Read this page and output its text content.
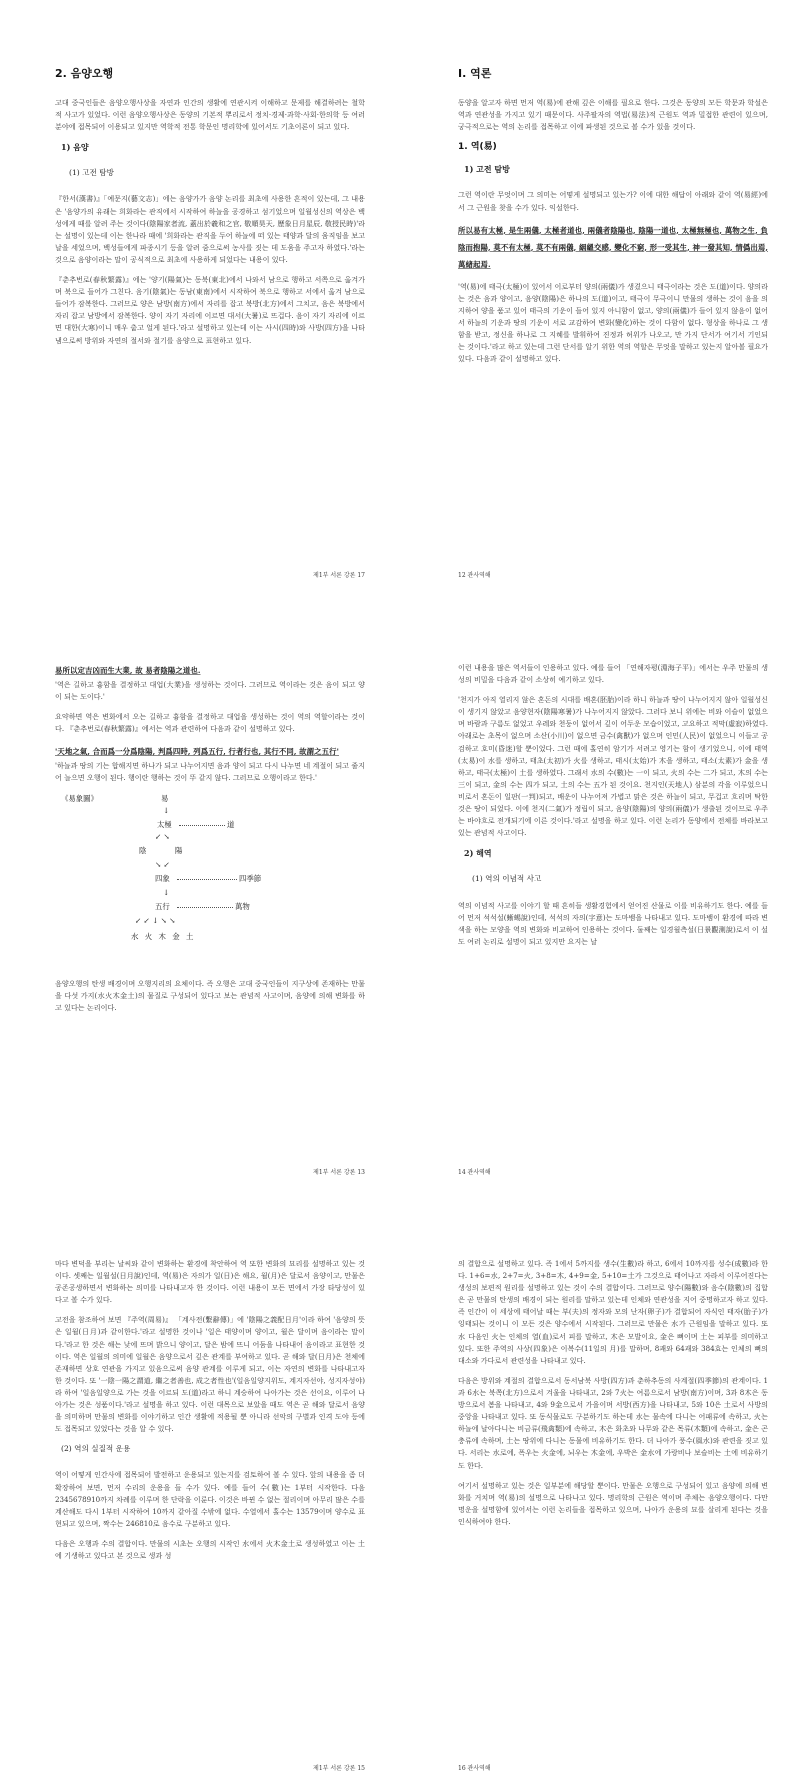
2. 음양오행

고대 중국인들은 음양오행사상을 자연과 인간의 생활에 연관시켜 이해하고 문제를 해결하려는 철학적 사고가 있었다. 이런 음양오행사상은 동양의 기본적 뿌리로서 정치·경제·과학·사회·한의학 등 여러 분야에 접목되어 이용되고 있지만 역학적 전통 학문인 명리학에 있어서도 기초이론이 되고 있다.

1) 음양
(1) 고전 탐방

『한서(漢書)』「예문지(藝文志)」에는 음양가가 음양 논리를 최초에 사용한 흔적이 있는데, 그 내용은 '음양가의 유래는 희화라는 관직에서 시작하여 하늘을 공경하고 섬기었으며 일월성신의 역상은 백성에게 때를 알려 주는 것이다(陰陽家者流, 蓋出於羲和之官, 敬順昊天, 歷象日月星辰, 敬授民時)'라는 설명이 있는데 이는 한나라 때에 '희화라는 관직을 두어 하늘에 떠 있는 태양과 달의 움직임을 보고 날을 세었으며, 백성들에게 파종시기 등을 알려 줌으로써 농사를 짓는 데 도움을 주고자 하였다.'라는 것으로 음양이라는 말이 공식적으로 최초에 사용하게 되었다는 내용이 있다.

『춘추번로(春秋繁露)』에는 '양기(陽氣)는 동북(東北)에서 나와서 남으로 행하고 서쪽으로 옮겨가며 북으로 들어가 그친다. 음기(陰氣)는 동남(東南)에서 시작하여 북으로 행하고 서에서 옮겨 남으로 들어가 잠복한다. 그러므로 양은 남방(南方)에서 자리를 잡고 북방(北方)에서 그치고, 음은 북방에서 자리 잡고 남방에서 잠복한다. 양이 자기 자리에 이르면 대서(大暑)로 뜨겁다. 음이 자기 자리에 이르면 대한(大寒)이니 매우 춥고 얼게 된다.'라고 설명하고 있는데 이는 사시(四時)와 사방(四方)을 나타냄으로써 방위와 자연의 절서와 절기를 음양으로 표현하고 있다.

제1부 서론 강론 17
I. 역론

동양을 알고자 하면 먼저 역(易)에 관해 깊은 이해를 필요로 한다. 그것은 동양의 모든 학문과 학설은 역과 연관성을 가지고 있기 때문이다. 사주팔자의 역법(易法)적 근원도 역과 밀접한 관련이 있으며, 궁극적으로는 역의 논리를 접목하고 이에 파생된 것으로 볼 수가 있을 것이다.

1. 역(易)
1) 고전 탐방

그런 역이란 무엇이며 그 의미는 어떻게 설명되고 있는가? 이에 대한 해답이 아래와 같이 역(易經)에서 그 근원을 찾을 수가 있다. 익설한다.

所以易有太極, 是生兩儀, 太極者道也, 兩儀者陰陽也, 陰陽一道也, 太極無極也, 萬物之生, 負陰而抱陽, 莫不有太極, 莫不有兩儀, 絪縕交感, 變化不窮, 形一受其生, 神一發其知, 情僞出焉, 萬緖起焉.

'역(易)에 태극(太極)이 있어서 이로부터 양의(兩儀)가 생겼으니 태극이라는 것은 도(道)이다. 양의라는 것은 음과 양이고, 음양(陰陽)은 하나의 도(道)이고, 태극이 무극이니 만물의 생하는 것이 음을 의지하여 양을 품고 있어 태극의 기운이 들어 있지 아니함이 없고, 양의(兩儀)가 들어 있지 않음이 없어서 하늘의 기운과 땅의 기운이 서로 교감하여 변화(變化)하는 것이 다함이 없다. 형상을 하나로 그 생함을 받고, 정신을 하나로 그 지혜를 발휘하여 진정과 허위가 나오고, 만 가지 단서가 여기서 기인되는 것이다.'라고 하고 있는데 그런 단서를 알기 위한 역의 역할은 무엇을 말하고 있는지 알아볼 필요가 있다. 다음과 같이 설명하고 있다.

12 관사역해

易所以定吉凶而生大業, 故 易者陰陽之道也.

'역은 길하고 흉함을 결정하고 대업(大業)을 생성하는 것이다. 그러므로 역이라는 것은 음이 되고 양이 되는 도이다.'

요약하면 역은 변화에서 오는 길하고 흉함을 결정하고 대업을 생성하는 것이 역의 역할이라는 것이다. 『춘추번로(春秋繁露)』에서는 역과 관련하여 다음과 같이 설명하고 있다.

'天地之氣, 合而爲一分爲陰陽, 判爲四時, 列爲五行, 行者行也, 其行不同, 故謂之五行'

'하늘과 땅의 기는 합해지면 하나가 되고 나누어지면 음과 양이 되고 다시 나누면 네 계절이 되고 줄지어 늘으면 오행이 된다. 행이란 행하는 것이 뚜 같지 않다. 그러므로 오행이라고 한다.'

《易象圖》	易
↓
太極	道
↙ ↘
陰	陽
↘ ↙
四象	四季節
↓
五行	萬物
↙ ↙ ↓ ↘ ↘
水 火 木 金 土

음양오행의 탄생 배경이며 오행지리의 요체이다. 즉 오행은 고대 중국인들이 지구상에 존재하는 만물을 다섯 가지(水火木金土)의 물질로 구성되어 있다고 보는 관념적 사고이며, 음양에 의해 변화를 하고 있다는 논리이다.

제1부 서론 강론 13

이런 내용을 많은 역서들이 인용하고 있다. 예를 들어 「연해자평(淵海子平)」에서는 우주 만물의 생성의 비밀을 다음과 같이 소상히 예기하고 있다.

'천지가 아직 열리지 않은 혼돈의 시대를 배혼(胚胎)이라 하니 하늘과 땅이 나누어지지 않아 일월성신이 생기지 않았고 음양현자(陰陽寒暑)가 나누어지지 않았다. 그러다 보니 위에는 비와 이슬이 없었으며 바람과 구름도 없었고 우레와 천둥이 없어서 깊이 어두운 모습이었고, 고요하고 적막(虛寂)하였다. 아래로는 초목이 없으며 소산(小川)이 없으면 금수(禽獸)가 없으며 인민(人民)이 없었으니 이들고 공검하고 호미(昏迷)할 뿐이었다. 그런 때에 홀연히 암기가 서려고 영기는 함이 생기었으니, 이에 태역(太易)이 水를 생하고, 태초(太初)가 火를 생하고, 태시(太始)가 木을 생하고, 태소(太素)가 金을 생하고, 태극(太極)이 土를 생하였다. 그래서 水의 수(數)는 一이 되고, 火의 수는 二가 되고, 木의 수는 三이 되고, 金의 수는 四가 되고, 土의 수는 五가 된 것이요. 천지인(天地人) 삼분의 각을 이루었으니 비로서 혼돈이 일판(一判)되고, 배운이 나누어져 가볍고 맑은 것은 하늘이 되고, 무겁고 흐리며 탁한 것은 땅이 되었다. 이에 천지(二氣)가 정립이 되고, 음양(陰陽)의 양의(兩儀)가 생출된 것이므로 우주는 바야흐로 전개되기에 이른 것이다.'라고 설명을 하고 있다. 이런 논리가 동양에서 전체를 바라보고 있는 관념적 사고이다.

2) 해역
(1) 역의 이념적 사고

역의 이념적 사고를 이야기 할 때 흔히들 생활경험에서 얻어진 산물로 이를 비유하기도 한다. 예를 들어 먼저 석석설(蜥蜴說)인데, 석석의 자의(字意)는 도마뱀을 나타내고 있다. 도마뱀이 환경에 따라 변색을 하는 모양을 역의 변화와 비교하여 인용하는 것이다. 둘째는 일경월측설(日景觀測說)로서 이 설도 여러 논리로 설명이 되고 있지만 요지는 날

14 관사역해

마다 변덕을 부리는 날씨와 같이 변화하는 환경에 착안하여 역 또한 변화의 묘리를 설명하고 있는 것이다. 셋째는 일월설(日月說)인데, 역(易)은 자의가 일(日)은 해요, 월(月)은 달로서 음양이고, 만물은 공존공생하면서 변화하는 의미를 나타내고자 한 것이다. 이런 내용이 모든 면에서 가장 타당성이 있다고 볼 수가 있다.

고전을 참조하여 보면 『주역(周易)』 「계사전(繫辭傳)」에 '陰陽之義配日月'이라 하여 '음양의 뜻은 일월(日月)과 같이한다.'라고 설명한 것이나 '일은 태양이며 양이고, 월은 달이며 음이라는 말이다.'라고 한 것은 해는 낮에 뜨며 밝으니 양이고, 달은 밤에 뜨니 어둠을 나타내어 음이라고 표현한 것이다. 역은 일월의 의미에 일월은 음양으로서 깊은 관계를 부여하고 있다. 곧 해와 달(日月)은 천체에 존재하면 상호 연관을 가지고 있음으로써 음양 관계를 이루게 되고, 이는 자연의 변화를 나타내고자 한 것이다. 또 '一陰一陽之謂道, 繼之者善也, 成之者性也'(일음일양지위도, 계지자선야, 성지자성야)라 하여 '일음일양으로 가는 것을 이르되 도(道)라고 하니 계승하여 나아가는 것은 선이요, 이루어 나아가는 것은 성품이다.'라고 설명을 하고 있다. 이런 대목으로 보았을 때도 역은 곧 해와 달로서 음양을 의미하며 만물의 변화를 이야기하고 인간 생활에 적용될 뿐 아니라 선악의 구별과 인격 도야 등에도 접목되고 있었다는 것을 알 수 있다.

(2) 역의 실질적 운용

역이 어떻게 인간사에 접목되어 발전하고 운용되고 있는지를 검토하여 볼 수 있다. 앞의 내용을 좀 더 확장하여 보면, 먼저 수리의 운용을 들 수가 있다. 예를 들어 수(數)는 1부터 시작한다. 다음 2345678910까지 차례를 이루며 한 단락을 이룬다. 이것은 바뀐 수 없는 절리이며 아무리 많은 수를 계산해도 다시 1부터 시작하여 10까지 같아질 수밖에 없다. 수열에서 홀수는 13579이며 양수로 표현되고 있으며, 짝수는 246810로 음수로 구분하고 있다.

다음은 오행과 수의 결합이다. 만물의 시초는 오행의 시작인 水에서 火木金土로 생성하였고 이는 土에 기생하고 있다고 본 것으로 생과 성

제1부 서론 강론 15

의 결합으로 설명하고 있다. 즉 1에서 5까지를 생수(生數)라 하고, 6에서 10까지를 성수(成數)라 한다. 1+6=水, 2+7=火, 3+8=木, 4+9=金, 5+10=土가 그것으로 태어나고 자라서 이루어진다는 생성의 보편적 원리를 설명하고 있는 것이 수의 결합이다. 그러므로 양수(陽數)와 음수(陰數)의 집합은 곧 만물의 탄생의 배경이 되는 원리를 말하고 있는데 인체와 연관성을 지어 중명하고자 하고 있다. 즉 인간이 이 세상에 태어날 때는 부(夫)의 정자와 모의 난자(卵子)가 결합되어 자식인 태자(胎子)가 잉태되는 것이니 이 모든 것은 양수에서 시작된다. 그러므로 만물은 水가 근원임을 말하고 있다. 또 水 다음인 火는 인체의 열(血)로서 피를 말하고, 木은 모발이요, 金은 뼈이며 土는 피부를 의미하고 있다. 또한 주역의 사상(四象)은 이복수(11일의 月)를 말하며, 8괘와 64괘와 384효는 인체의 뼈의 대소와 가다로서 관련성을 나타내고 있다.

다음은 방위와 계절의 결합으로서 동서남북 사방(四方)과 춘하추동의 사계절(四季節)의 관계이다. 1과 6水는 북쪽(北方)으로서 겨울을 나타내고, 2와 7火는 여름으로서 남방(南方)이며, 3과 8木은 동방으로서 봄을 나타내고, 4와 9金으로서 가을이며 서방(西方)을 나타내고, 5와 10은 土로서 사방의 중앙을 나타내고 있다. 또 동식물로도 구분하기도 하는데 水는 물속에 다니는 어패류에 속하고, 火는 하늘에 날아다니는 비금류(飛禽類)에 속하고, 木은 화초와 나무와 같은 목류(木類)에 속하고, 金은 곤충류에 속하며, 土는 땅위에 다니는 동물에 비유하기도 한다. 더 나아가 풍수(風水)와 관련을 짓고 있다. 서리는 水로에, 폭우는 火金에, 뇌우는 木金에, 우박은 金水에 가랑비나 보슬비는 土에 비유하기도 한다.

여기서 설명하고 있는 것은 일부분에 해당할 뿐이다. 만물은 오행으로 구성되어 있고 음양에 의해 변화를 거치며 역(易)의 설명으로 나타나고 있다. 명리학의 근원은 역이며 주체는 음양오행이다. 다만 명운을 설명함에 있어서는 이런 논리들을 접목하고 있으며, 나아가 운용의 묘를 살리게 된다는 것을 인식하여야 한다.

16 관사역해
